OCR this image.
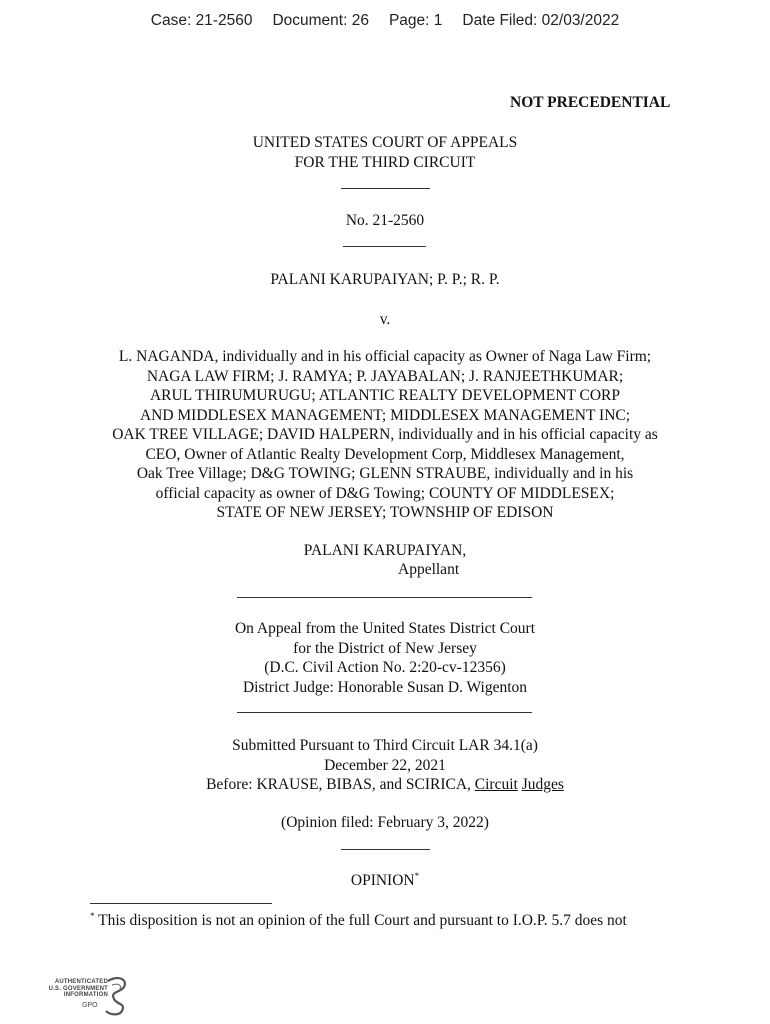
Case: 21-2560 Document: 26 Page: 1 Date Filed: 02/03/2022
NOT PRECEDENTIAL
UNITED STATES COURT OF APPEALS
FOR THE THIRD CIRCUIT
No. 21-2560
PALANI KARUPAIYAN; P. P.; R. P.
v.
L. NAGANDA, individually and in his official capacity as Owner of Naga Law Firm;
NAGA LAW FIRM; J. RAMYA; P. JAYABALAN; J. RANJEETHKUMAR;
ARUL THIRUMURUGU; ATLANTIC REALTY DEVELOPMENT CORP
AND MIDDLESEX MANAGEMENT; MIDDLESEX MANAGEMENT INC;
OAK TREE VILLAGE; DAVID HALPERN, individually and in his official capacity as
CEO, Owner of Atlantic Realty Development Corp, Middlesex Management,
Oak Tree Village; D&G TOWING; GLENN STRAUBE, individually and in his
official capacity as owner of D&G Towing; COUNTY OF MIDDLESEX;
STATE OF NEW JERSEY; TOWNSHIP OF EDISON
PALANI KARUPAIYAN,
Appellant
On Appeal from the United States District Court
for the District of New Jersey
(D.C. Civil Action No. 2:20-cv-12356)
District Judge: Honorable Susan D. Wigenton
Submitted Pursuant to Third Circuit LAR 34.1(a)
December 22, 2021
Before: KRAUSE, BIBAS, and SCIRICA, Circuit Judges
(Opinion filed: February 3, 2022)
OPINION*
* This disposition is not an opinion of the full Court and pursuant to I.O.P. 5.7 does not
AUTHENTICATED
U.S. GOVERNMENT
INFORMATION
GPO
